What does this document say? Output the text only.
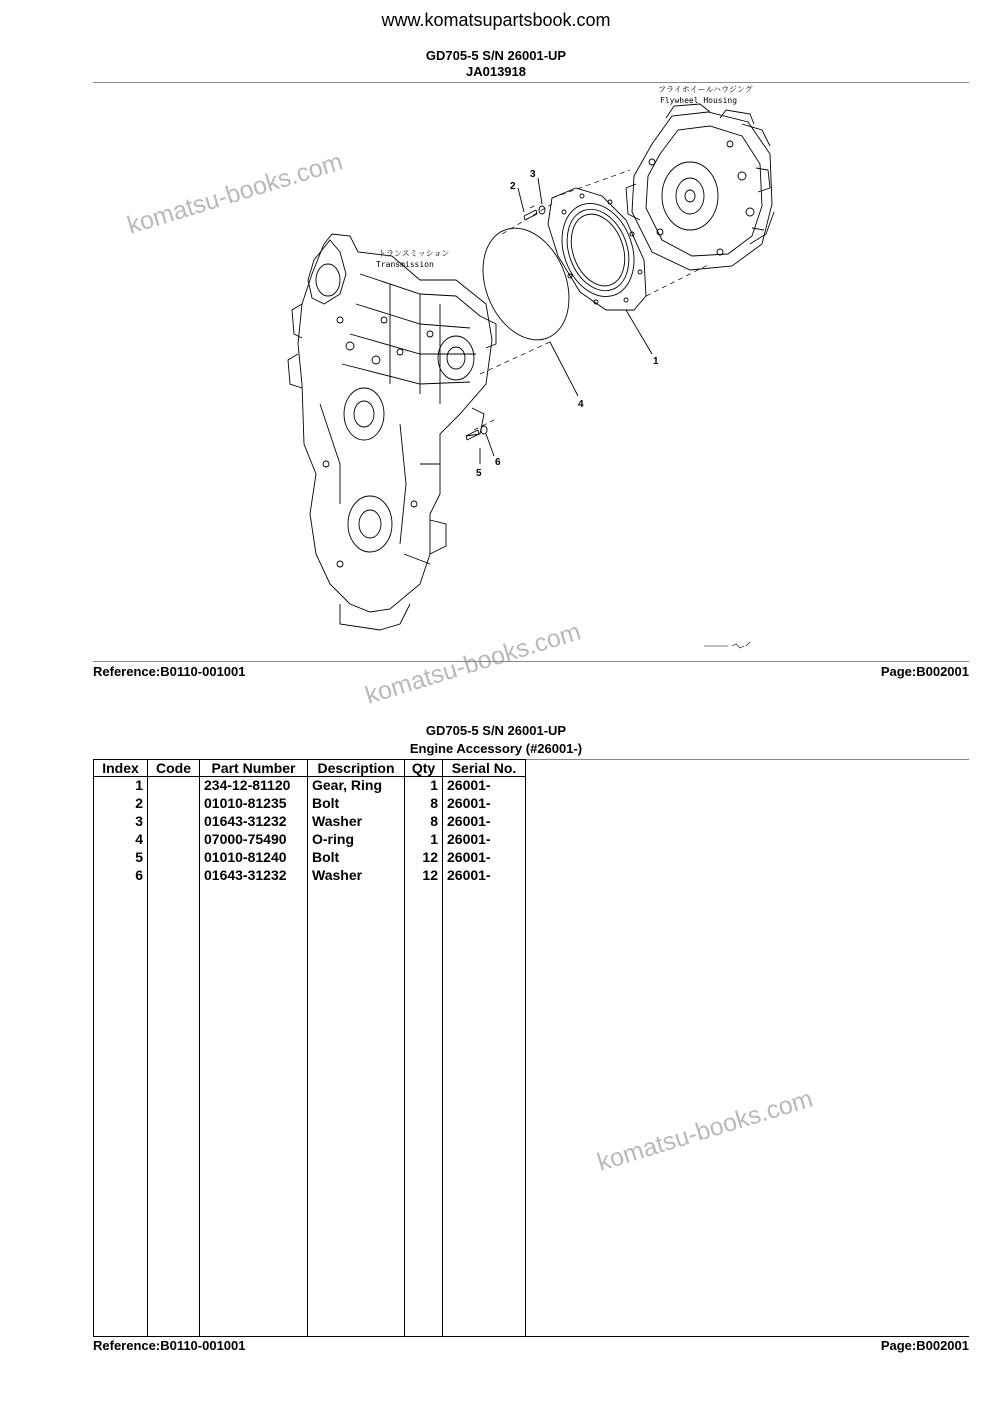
www.komatsupartsbook.com
GD705-5 S/N 26001-UP
JA013918
フライホイールハウジング
Flywheel Housing
トランスミッション
Transmission
1
2
3
4
5
6
komatsu-books.com
komatsu-books.com
komatsu-books.com
Reference:B0110-001001	Page:B002001
GD705-5 S/N 26001-UP
Engine Accessory (#26001-)
Index	Code	Part Number	Description	Qty	Serial No.
1		234-12-81120	Gear, Ring	1	26001-
2		01010-81235	Bolt	8	26001-
3		01643-31232	Washer	8	26001-
4		07000-75490	O-ring	1	26001-
5		01010-81240	Bolt	12	26001-
6		01643-31232	Washer	12	26001-
Reference:B0110-001001	Page:B002001
